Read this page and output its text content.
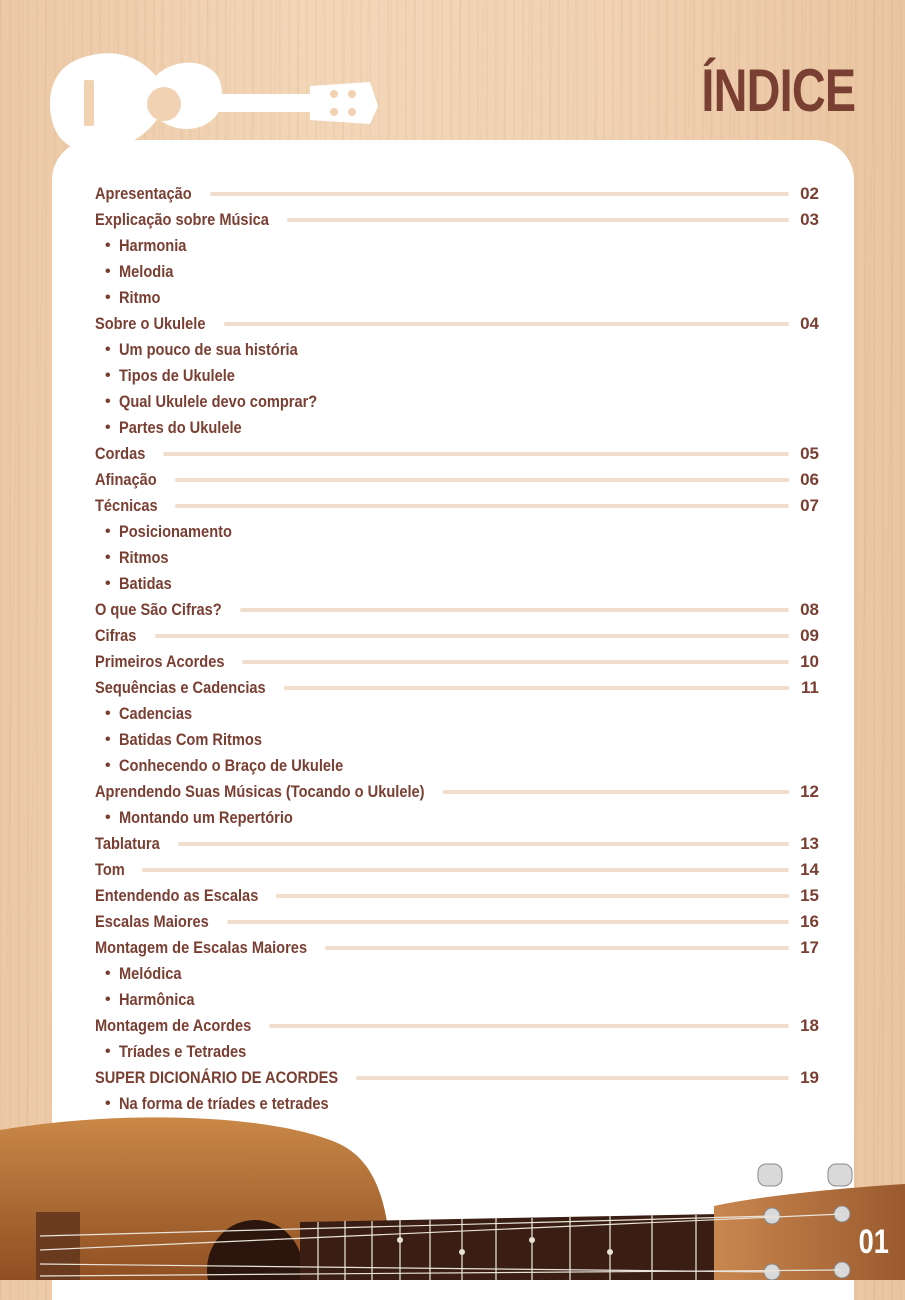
ÍNDICE
Apresentação	02
Explicação sobre Música	03
• Harmonia
• Melodia
• Ritmo
Sobre o Ukulele	04
• Um pouco de sua história
• Tipos de Ukulele
• Qual Ukulele devo comprar?
• Partes do Ukulele
Cordas	05
Afinação	06
Técnicas	07
• Posicionamento
• Ritmos
• Batidas
O que São Cifras?	08
Cifras	09
Primeiros Acordes	10
Sequências e Cadencias	11
• Cadencias
• Batidas Com Ritmos
• Conhecendo o Braço de Ukulele
Aprendendo Suas Músicas (Tocando o Ukulele)	12
• Montando um Repertório
Tablatura	13
Tom	14
Entendendo as Escalas	15
Escalas Maiores	16
Montagem de Escalas Maiores	17
• Melódica
• Harmônica
Montagem de Acordes	18
• Tríades e Tetrades
SUPER DICIONÁRIO DE ACORDES	19
• Na forma de tríades e tetrades
01
